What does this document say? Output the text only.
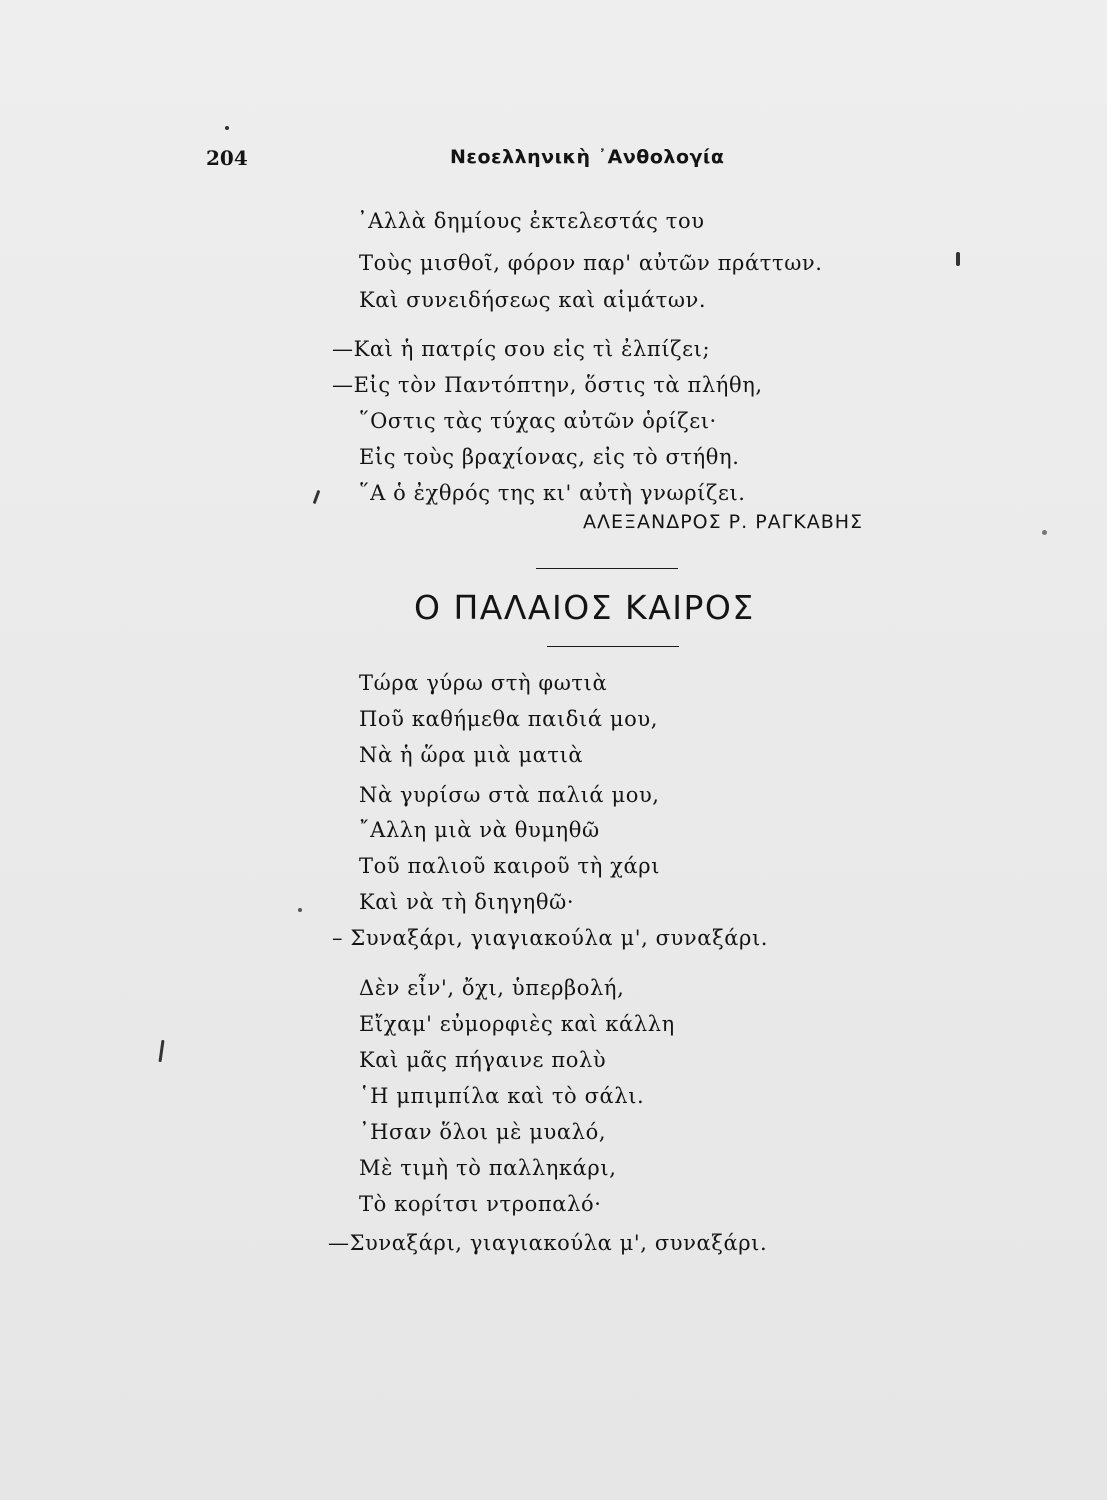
204	Νεοελληνικὴ ᾿Ανθολογία
᾿Αλλὰ δημίους ἐκτελεστάς του
Τοὺς μισθοῖ, φόρον παρ' αὐτῶν πράττων.
Καὶ συνειδήσεως καὶ αἱμάτων.
—Καὶ ἡ πατρίς σου εἰς τὶ ἐλπίζει;
—Εἰς τὸν Παντόπτην, ὅστις τὰ πλήθη,
῞Οστις τὰς τύχας αὐτῶν ὁρίζει·
Εἰς τοὺς βραχίονας, εἰς τὸ στήθη.
῞Α ὁ ἐχθρός της κι' αὐτὴ γνωρίζει.
ΑΛΕΞΑΝΔΡΟΣ Ρ. ΡΑΓΚΑΒΗΣ
Ο ΠΑΛΑΙΟΣ ΚΑΙΡΟΣ
Τώρα γύρω στὴ φωτιὰ
Ποῦ καθήμεθα παιδιά μου,
Νὰ ἡ ὥρα μιὰ ματιὰ
Νὰ γυρίσω στὰ παλιά μου,
῎Αλλη μιὰ νὰ θυμηθῶ
Τοῦ παλιοῦ καιροῦ τὴ χάρι
Καὶ νὰ τὴ διηγηθῶ·
– Συναξάρι, γιαγιακούλα μ', συναξάρι.
Δὲν εἶν', ὄχι, ὑπερβολή,
Εἴχαμ' εὐμορφιὲς καὶ κάλλη
Καὶ μᾶς πήγαινε πολὺ
῾Η μπιμπίλα καὶ τὸ σάλι.
᾿Ησαν ὅλοι μὲ μυαλό,
Μὲ τιμὴ τὸ παλληκάρι,
Τὸ κορίτσι ντροπαλό·
—Συναξάρι, γιαγιακούλα μ', συναξάρι.
